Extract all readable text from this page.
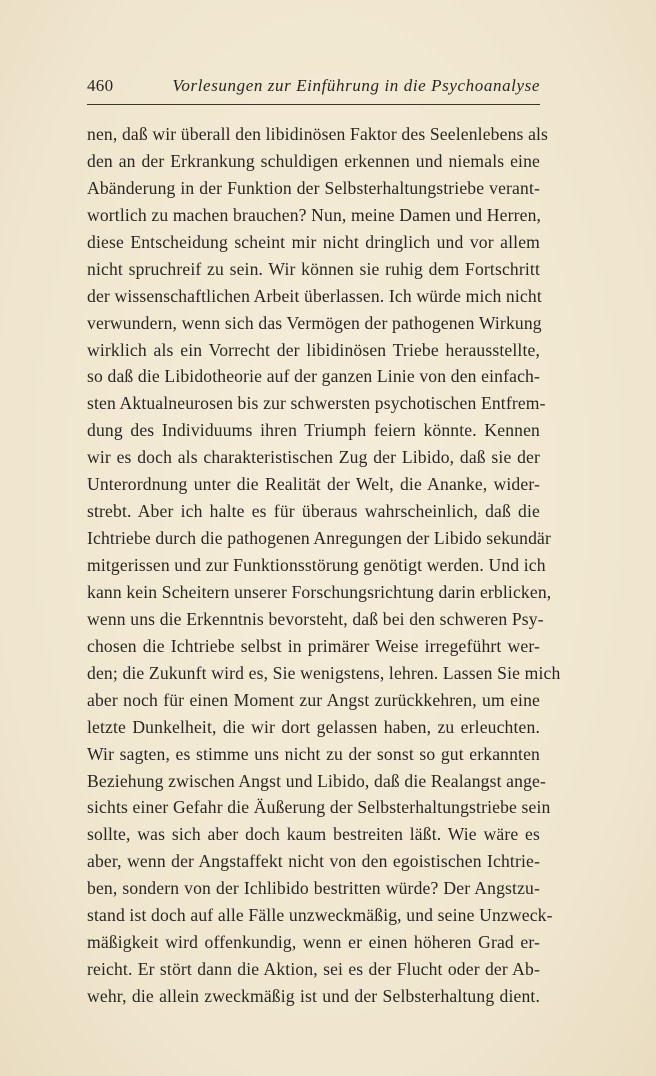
460	Vorlesungen zur Einführung in die Psychoanalyse
nen, daß wir überall den libidinösen Faktor des Seelenlebens als
den an der Erkrankung schuldigen erkennen und niemals eine
Abänderung in der Funktion der Selbsterhaltungstriebe verant-
wortlich zu machen brauchen? Nun, meine Damen und Herren,
diese Entscheidung scheint mir nicht dringlich und vor allem
nicht spruchreif zu sein. Wir können sie ruhig dem Fortschritt
der wissenschaftlichen Arbeit überlassen. Ich würde mich nicht
verwundern, wenn sich das Vermögen der pathogenen Wirkung
wirklich als ein Vorrecht der libidinösen Triebe herausstellte,
so daß die Libidotheorie auf der ganzen Linie von den einfach-
sten Aktualneurosen bis zur schwersten psychotischen Entfrem-
dung des Individuums ihren Triumph feiern könnte. Kennen
wir es doch als charakteristischen Zug der Libido, daß sie der
Unterordnung unter die Realität der Welt, die Ananke, wider-
strebt. Aber ich halte es für überaus wahrscheinlich, daß die
Ichtriebe durch die pathogenen Anregungen der Libido sekundär
mitgerissen und zur Funktionsstörung genötigt werden. Und ich
kann kein Scheitern unserer Forschungsrichtung darin erblicken,
wenn uns die Erkenntnis bevorsteht, daß bei den schweren Psy-
chosen die Ichtriebe selbst in primärer Weise irregeführt wer-
den; die Zukunft wird es, Sie wenigstens, lehren. Lassen Sie mich
aber noch für einen Moment zur Angst zurückkehren, um eine
letzte Dunkelheit, die wir dort gelassen haben, zu erleuchten.
Wir sagten, es stimme uns nicht zu der sonst so gut erkannten
Beziehung zwischen Angst und Libido, daß die Realangst ange-
sichts einer Gefahr die Äußerung der Selbsterhaltungstriebe sein
sollte, was sich aber doch kaum bestreiten läßt. Wie wäre es
aber, wenn der Angstaffekt nicht von den egoistischen Ichtrie-
ben, sondern von der Ichlibido bestritten würde? Der Angstzu-
stand ist doch auf alle Fälle unzweckmäßig, und seine Unzweck-
mäßigkeit wird offenkundig, wenn er einen höheren Grad er-
reicht. Er stört dann die Aktion, sei es der Flucht oder der Ab-
wehr, die allein zweckmäßig ist und der Selbsterhaltung dient.
